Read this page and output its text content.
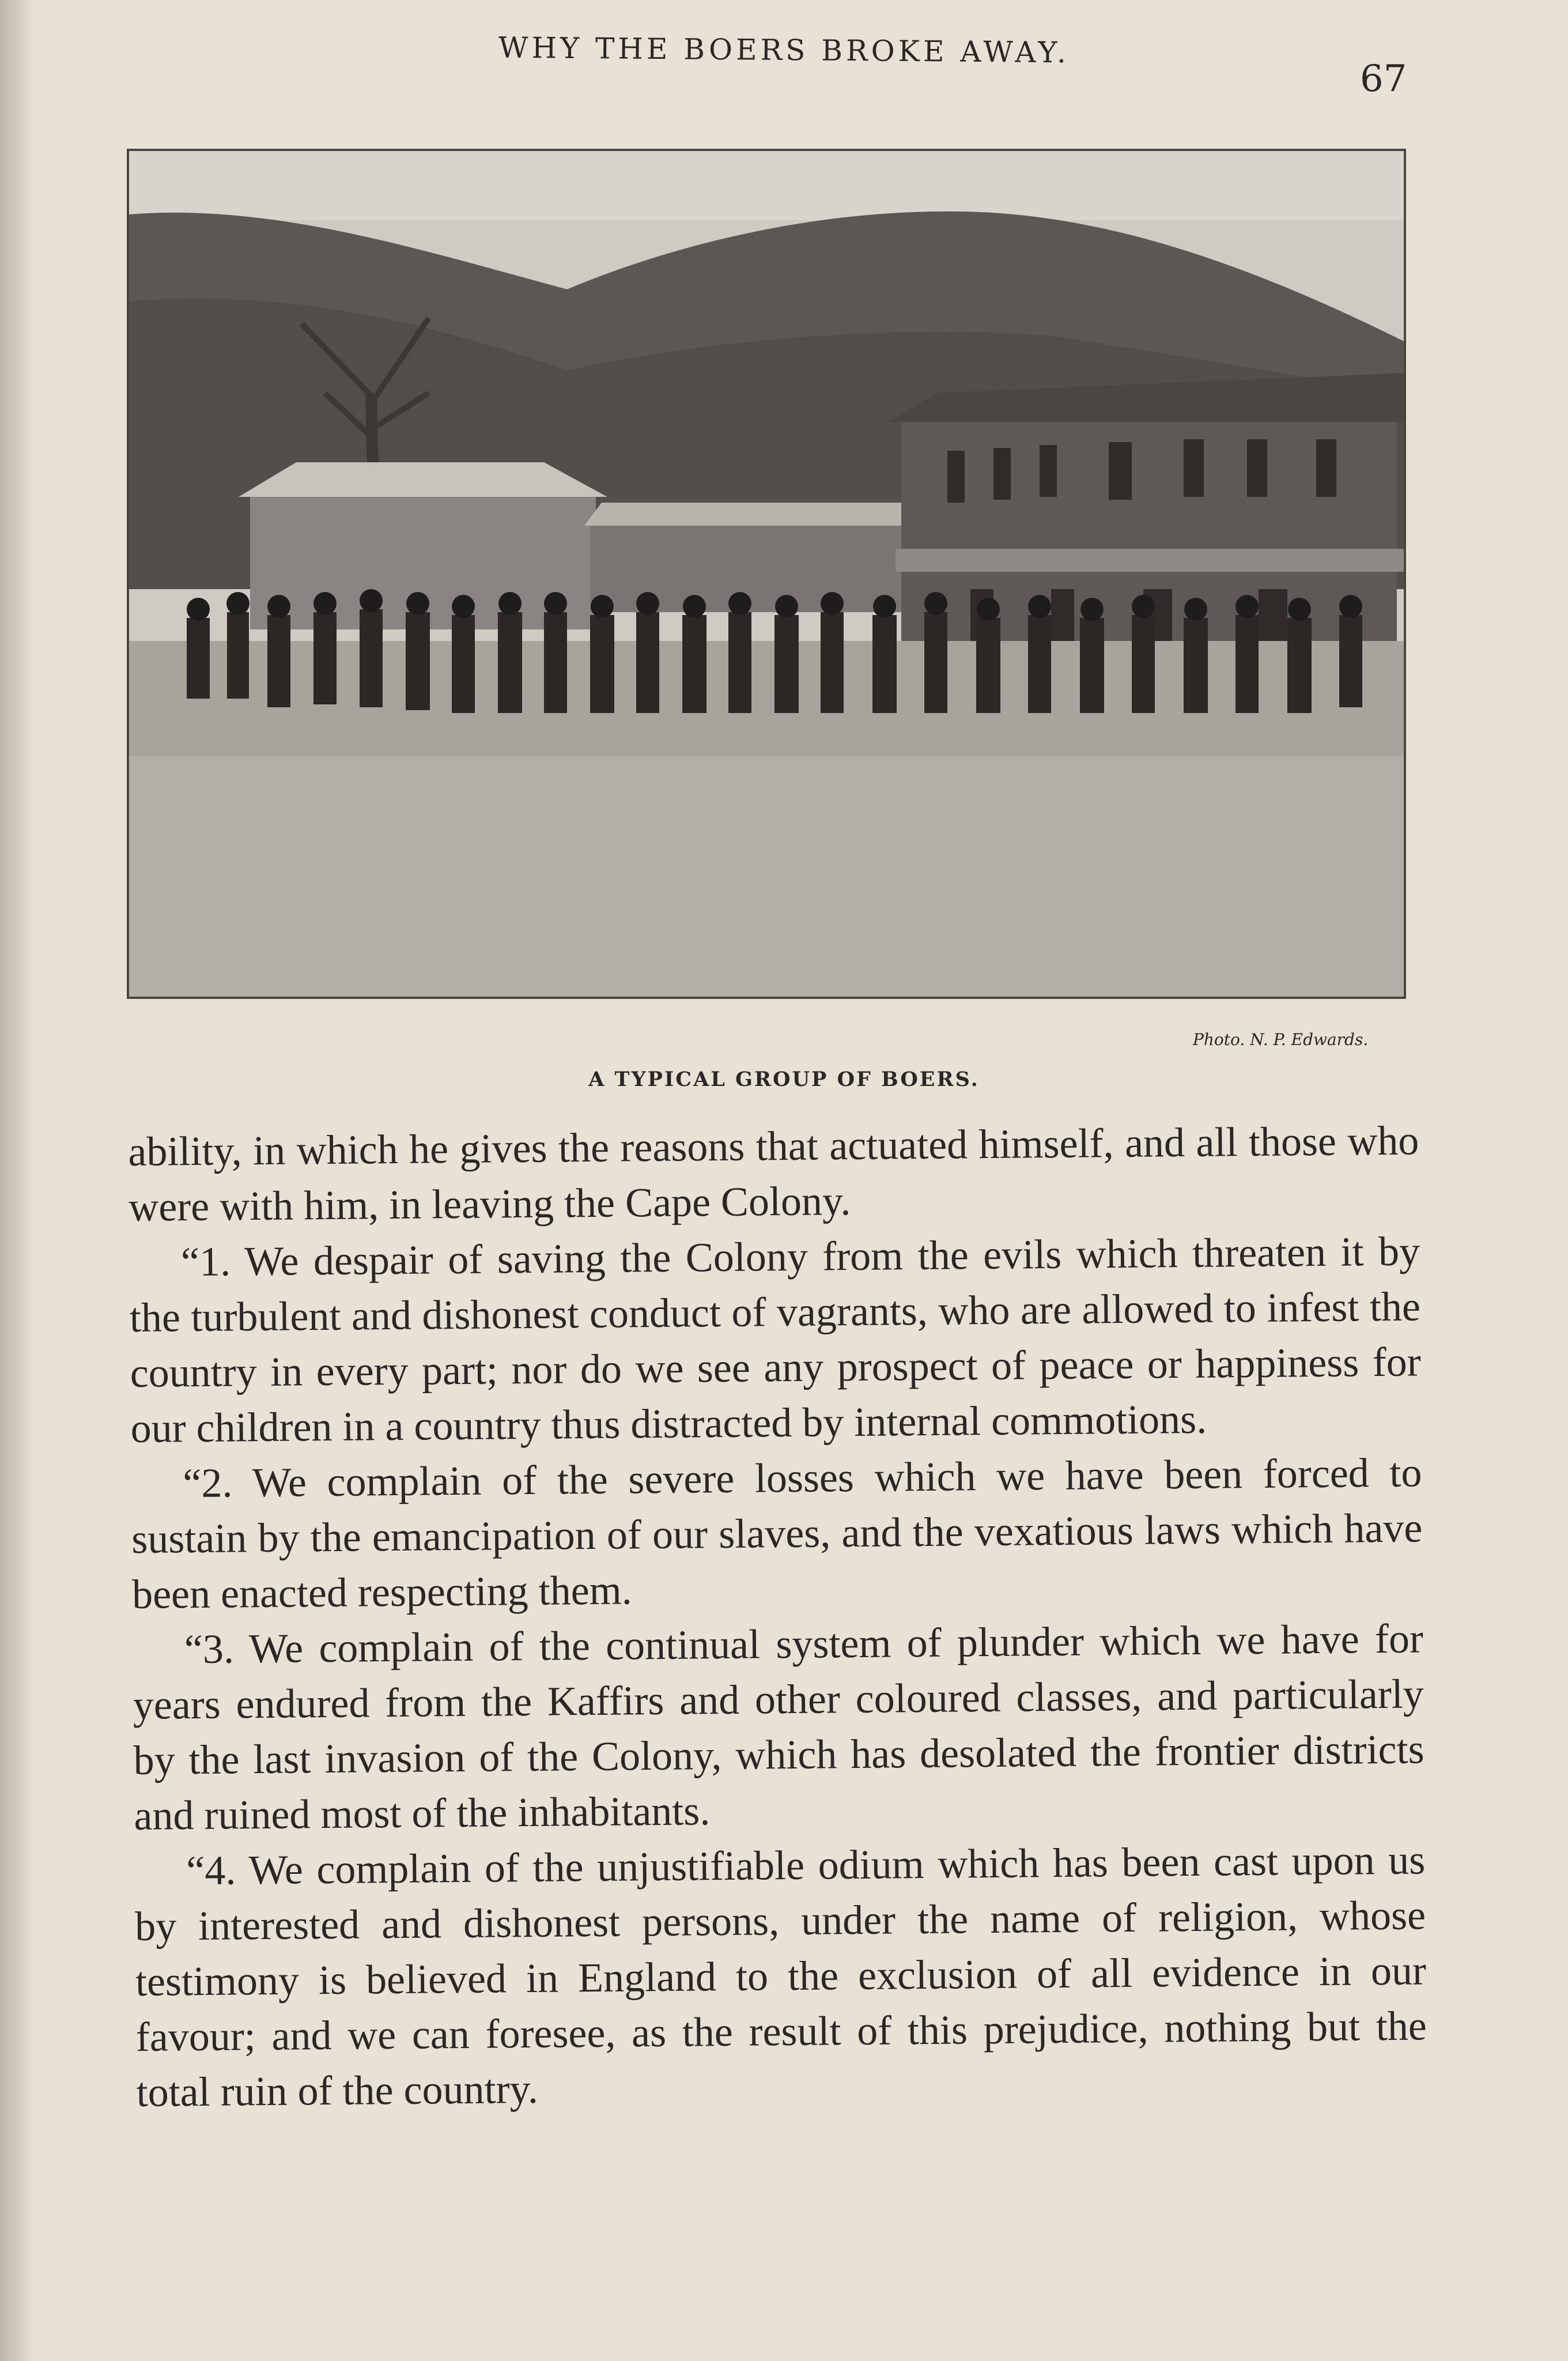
WHY THE BOERS BROKE AWAY.
67
Photo. N. P. Edwards.
A TYPICAL GROUP OF BOERS.

ability, in which he gives the reasons that actuated himself, and all those who were with him, in leaving the Cape Colony.

“1. We despair of saving the Colony from the evils which threaten it by the turbulent and dishonest conduct of vagrants, who are allowed to infest the country in every part; nor do we see any prospect of peace or happiness for our children in a country thus distracted by internal commotions.

“2. We complain of the severe losses which we have been forced to sustain by the emancipation of our slaves, and the vexatious laws which have been enacted respecting them.

“3. We complain of the continual system of plunder which we have for years endured from the Kaffirs and other coloured classes, and particularly by the last invasion of the Colony, which has desolated the frontier districts and ruined most of the inhabitants.

“4. We complain of the unjustifiable odium which has been cast upon us by interested and dishonest persons, under the name of religion, whose testimony is believed in England to the exclusion of all evidence in our favour; and we can foresee, as the result of this prejudice, nothing but the total ruin of the country.
